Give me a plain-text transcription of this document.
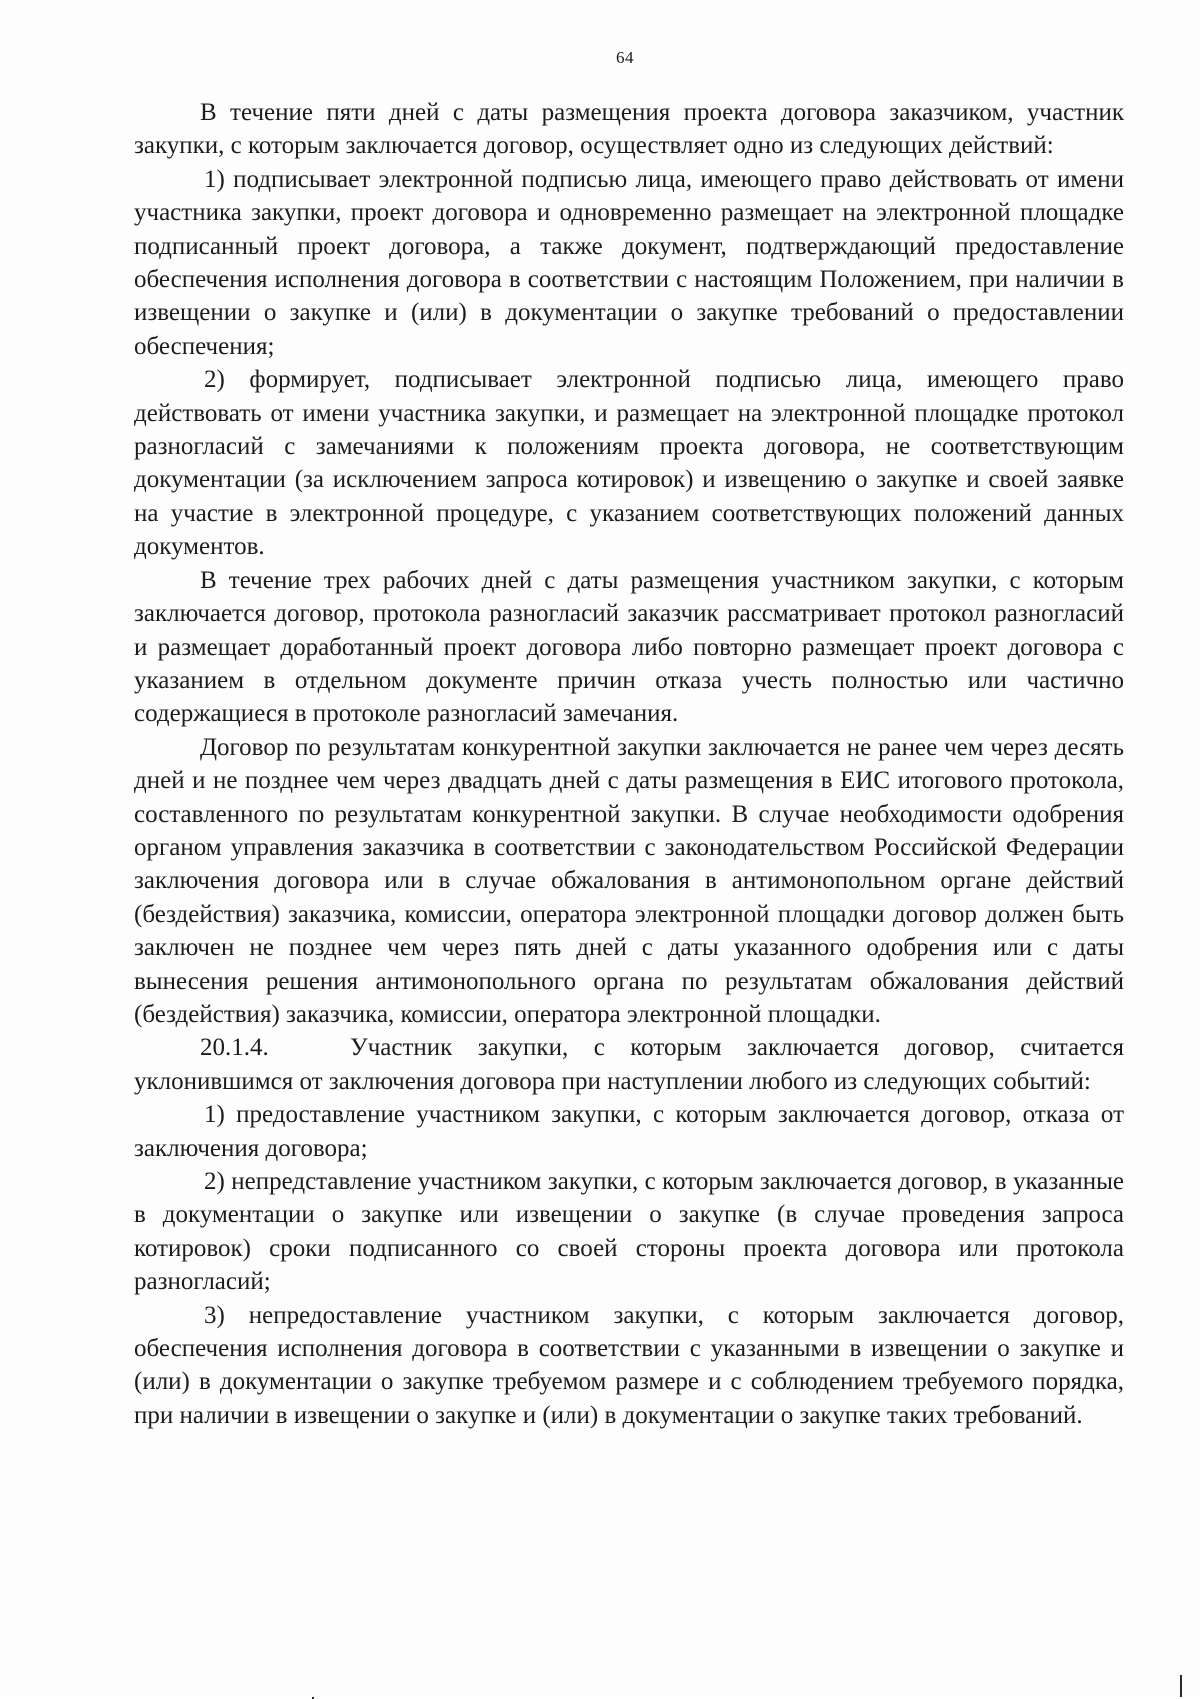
64

В течение пяти дней с даты размещения проекта договора заказчиком, участник закупки, с которым заключается договор, осуществляет одно из следующих действий:

1) подписывает электронной подписью лица, имеющего право действовать от имени участника закупки, проект договора и одновременно размещает на электронной площадке подписанный проект договора, а также документ, подтверждающий предоставление обеспечения исполнения договора в соответствии с настоящим Положением, при наличии в извещении о закупке и (или) в документации о закупке требований о предоставлении обеспечения;

2) формирует, подписывает электронной подписью лица, имеющего право действовать от имени участника закупки, и размещает на электронной площадке протокол разногласий с замечаниями к положениям проекта договора, не соответствующим документации (за исключением запроса котировок) и извещению о закупке и своей заявке на участие в электронной процедуре, с указанием соответствующих положений данных документов.

В течение трех рабочих дней с даты размещения участником закупки, с которым заключается договор, протокола разногласий заказчик рассматривает протокол разногласий и размещает доработанный проект договора либо повторно размещает проект договора с указанием в отдельном документе причин отказа учесть полностью или частично содержащиеся в протоколе разногласий замечания.

Договор по результатам конкурентной закупки заключается не ранее чем через десять дней и не позднее чем через двадцать дней с даты размещения в ЕИС итогового протокола, составленного по результатам конкурентной закупки. В случае необходимости одобрения органом управления заказчика в соответствии с законодательством Российской Федерации заключения договора или в случае обжалования в антимонопольном органе действий (бездействия) заказчика, комиссии, оператора электронной площадки договор должен быть заключен не позднее чем через пять дней с даты указанного одобрения или с даты вынесения решения антимонопольного органа по результатам обжалования действий (бездействия) заказчика, комиссии, оператора электронной площадки.

20.1.4.	Участник закупки, с которым заключается договор, считается уклонившимся от заключения договора при наступлении любого из следующих событий:

1) предоставление участником закупки, с которым заключается договор, отказа от заключения договора;

2) непредставление участником закупки, с которым заключается договор, в указанные в документации о закупке или извещении о закупке (в случае проведения запроса котировок) сроки подписанного со своей стороны проекта договора или протокола разногласий;

3) непредоставление участником закупки, с которым заключается договор, обеспечения исполнения договора в соответствии с указанными в извещении о закупке и (или) в документации о закупке требуемом размере и с соблюдением требуемого порядка, при наличии в извещении о закупке и (или) в документации о закупке таких требований.
